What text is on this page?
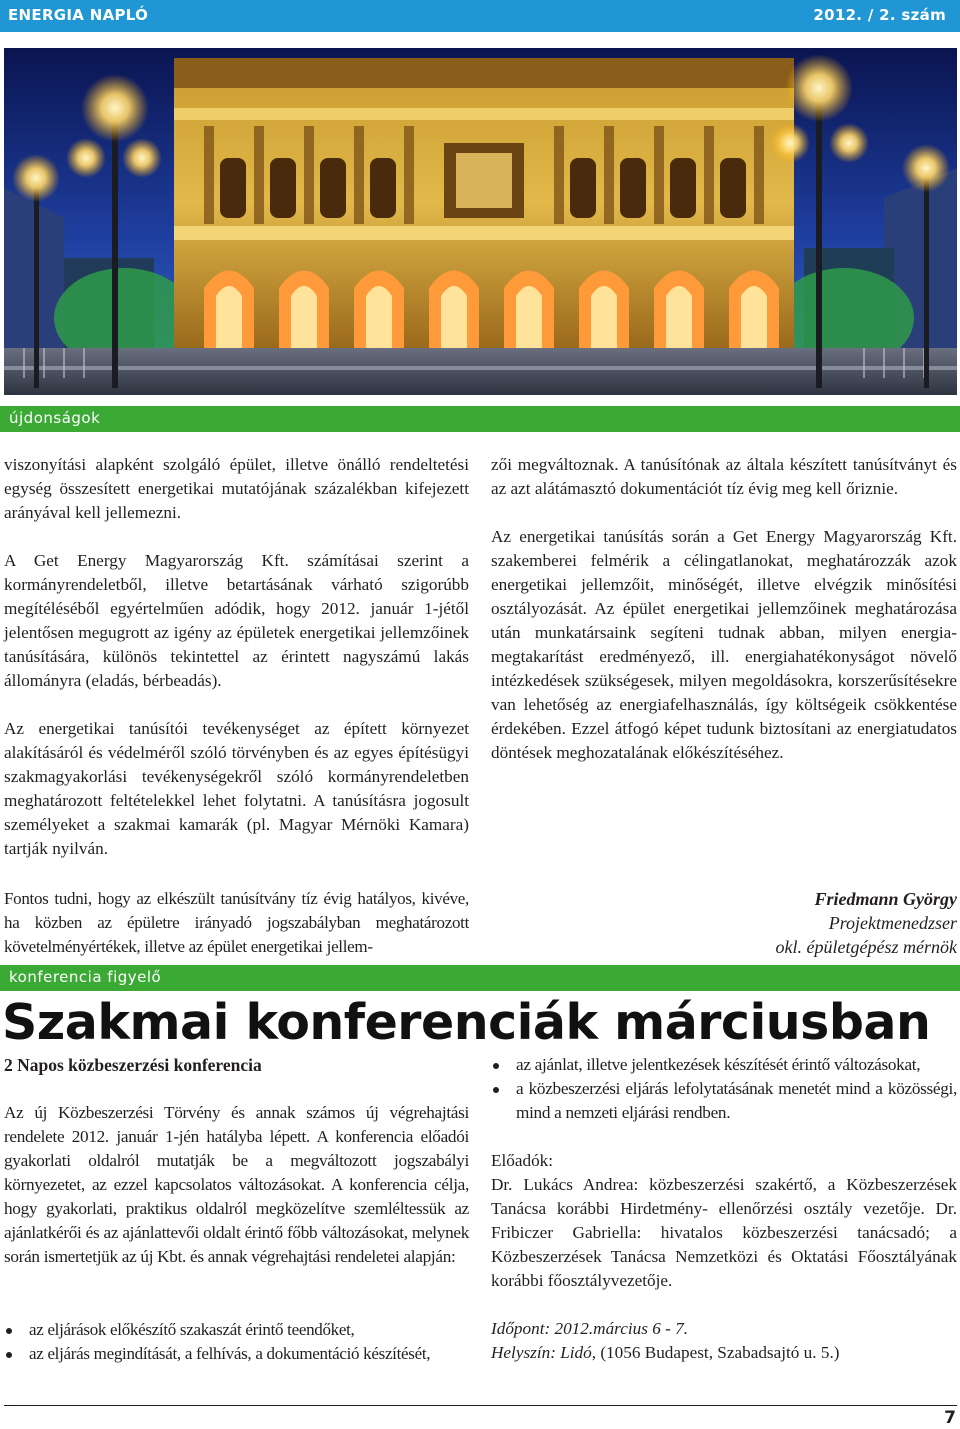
ENERGIA NAPLÓ	2012. / 2. szám
újdonságok

viszonyítási alapként szolgáló épület, illetve önálló rendeltetési egység összesített energetikai mutatójának százalékban kifejezett arányával kell jellemezni.

A Get Energy Magyarország Kft. számításai szerint a kormányrendeletből, illetve betartásának várható szigorúbb megítéléséből egyértelműen adódik, hogy 2012. január 1-jétől jelentősen megugrott az igény az épületek energetikai jellemzőinek tanúsítására, különös tekintettel az érintett nagyszámú lakás állományra (eladás, bérbeadás).

Az energetikai tanúsítói tevékenységet az épített környezet alakításáról és védelméről szóló törvényben és az egyes építésügyi szakmagyakorlási tevékenységekről szóló kormányrendeletben meghatározott feltételekkel lehet folytatni. A tanúsításra jogosult személyeket a szakmai kamarák (pl. Magyar Mérnöki Kamara) tartják nyilván.

zői megváltoznak. A tanúsítónak az általa készített tanúsítványt és az azt alátámasztó dokumentációt tíz évig meg kell őriznie.

Az energetikai tanúsítás során a Get Energy Magyarország Kft. szakemberei felmérik a célingatlanokat, meghatározzák azok energetikai jellemzőit, minőségét, illetve elvégzik minősítési osztályozását. Az épület energetikai jellemzőinek meghatározása után munkatársaink segíteni tudnak abban, milyen energia-megtakarítást eredményező, ill. energiahatékonyságot növelő intézkedések szükségesek, milyen megoldásokra, korszerűsítésekre van lehetőség az energiafelhasználás, így költségeik csökkentése érdekében. Ezzel átfogó képet tudunk biztosítani az energiatudatos döntések meghozatalának előkészítéséhez.

Fontos tudni, hogy az elkészült tanúsítvány tíz évig hatályos, kivéve, ha közben az épületre irányadó jogszabályban meghatározott követelményértékek, illetve az épület energetikai jellem-
Friedmann György
Projektmenedzser
okl. épületgépész mérnök
konferencia figyelő
Szakmai konferenciák márciusban
2 Napos közbeszerzési konferencia

Az új Közbeszerzési Törvény és annak számos új végrehajtási rendelete 2012. január 1-jén hatályba lépett. A konferencia előadói gyakorlati oldalról mutatják be a megváltozott jogszabályi környezetet, az ezzel kapcsolatos változásokat. A konferencia célja, hogy gyakorlati, praktikus oldalról megközelítve szemléltessük az ajánlatkérői és az ajánlattevői oldalt érintő főbb változásokat, melynek során ismertetjük az új Kbt. és annak végrehajtási rendeletei alapján:

az eljárások előkészítő szakaszát érintő teendőket,
az eljárás megindítását, a felhívás, a dokumentáció készítését,
az ajánlat, illetve jelentkezések készítését érintő változásokat,
a közbeszerzési eljárás lefolytatásának menetét mind a közösségi, mind a nemzeti eljárási rendben.

Előadók:
Dr. Lukács Andrea: közbeszerzési szakértő, a Közbeszerzések Tanácsa korábbi Hirdetmény- ellenőrzési osztály vezetője. Dr. Fribiczer Gabriella: hivatalos közbeszerzési tanácsadó; a Közbeszerzések Tanácsa Nemzetközi és Oktatási Főosztályának korábbi főosztályvezetője.

Időpont: 2012.március 6 - 7.
Helyszín: Lidó, (1056 Budapest, Szabadsajtó u. 5.)

7
